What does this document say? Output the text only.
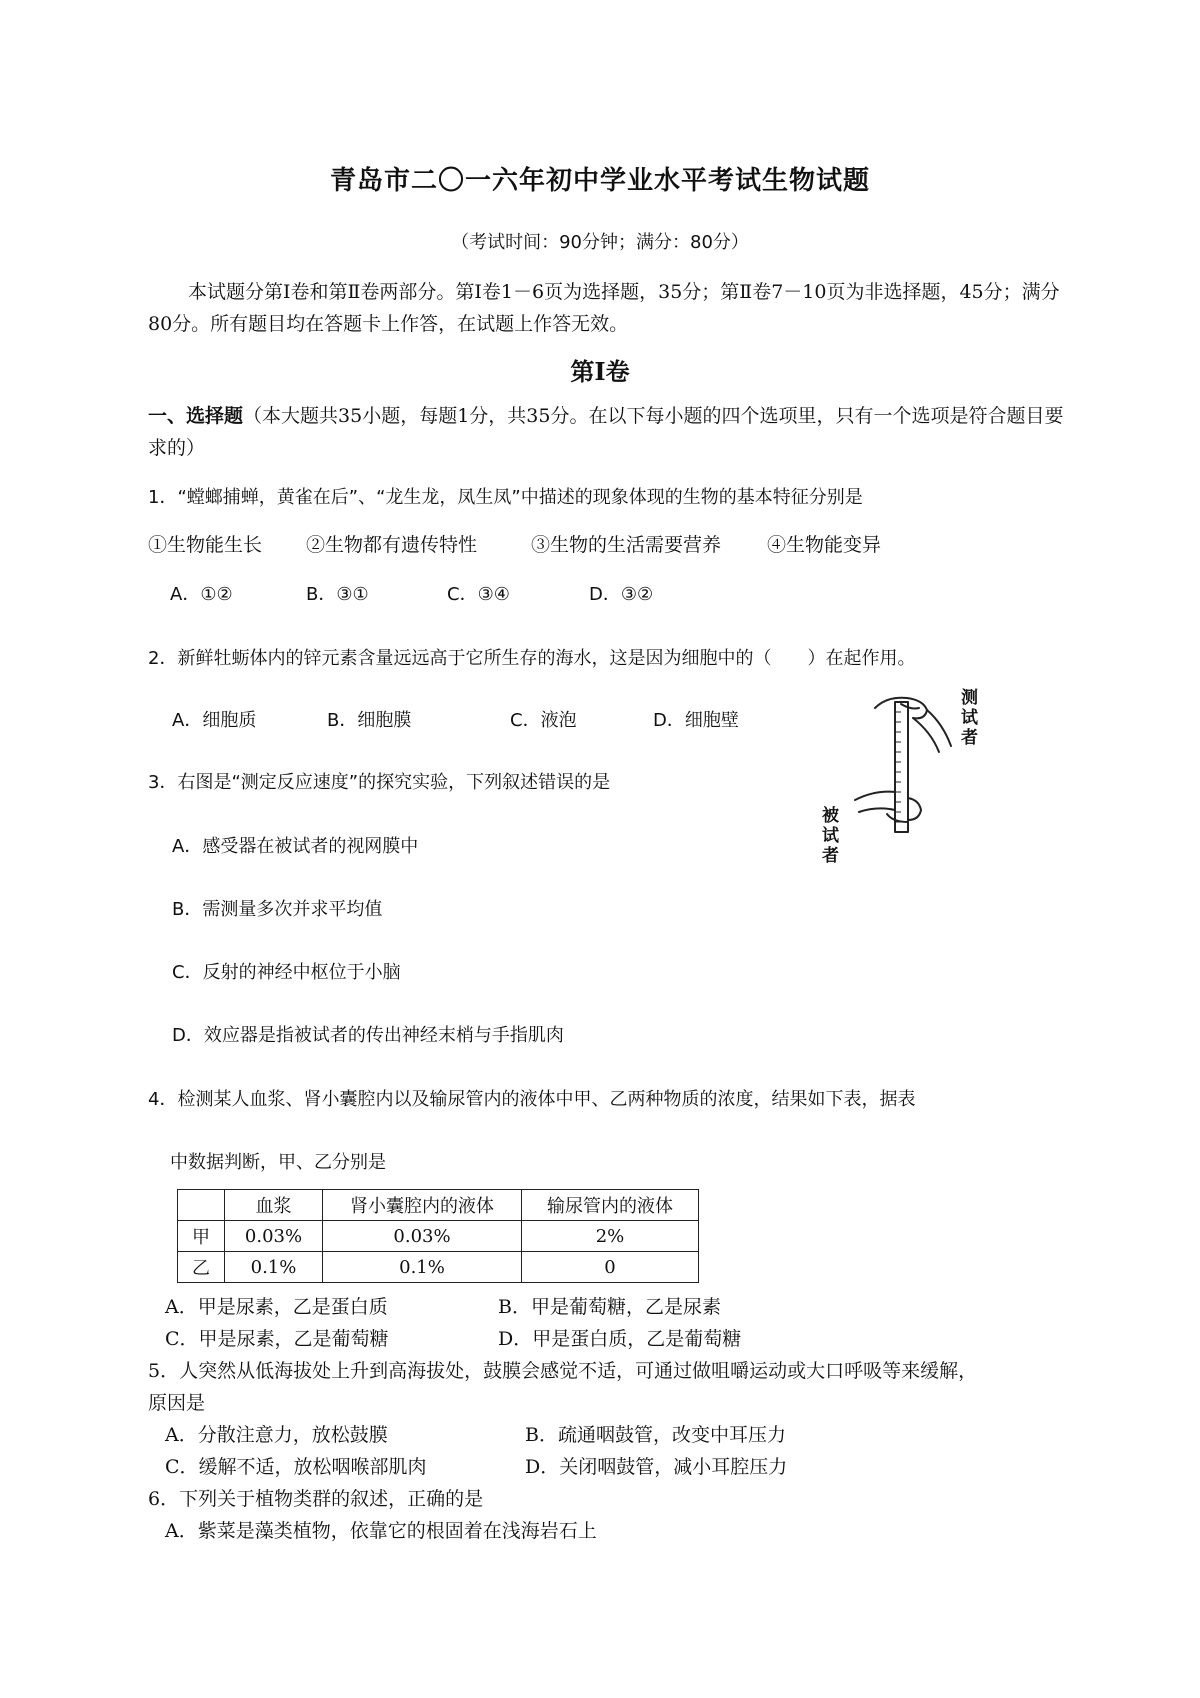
青岛市二〇一六年初中学业水平考试生物试题
（考试时间：90分钟；满分：80分）
本试题分第Ⅰ卷和第Ⅱ卷两部分。第Ⅰ卷1－6页为选择题，35分；第Ⅱ卷7－10页为非选择题，45分；满分80分。所有题目均在答题卡上作答，在试题上作答无效。
第Ⅰ卷
一、选择题（本大题共35小题，每题1分，共35分。在以下每小题的四个选项里，只有一个选项是符合题目要求的）
1．“螳螂捕蝉，黄雀在后”、“龙生龙，凤生凤”中描述的现象体现的生物的基本特征分别是
①生物能生长 ②生物都有遗传特性	③生物的生活需要营养 ④生物能变异
A．①②	B．③①	C．③④	D．③②
2．新鲜牡蛎体内的锌元素含量远远高于它所生存的海水，这是因为细胞中的（　　）在起作用。
A．细胞质	B．细胞膜	C．液泡	D．细胞壁
测试者
被试者
3．右图是“测定反应速度”的探究实验，下列叙述错误的是
A．感受器在被试者的视网膜中
B．需测量多次并求平均值
C．反射的神经中枢位于小脑
D．效应器是指被试者的传出神经末梢与手指肌肉
4．检测某人血浆、肾小囊腔内以及输尿管内的液体中甲、乙两种物质的浓度，结果如下表，据表
中数据判断，甲、乙分别是
	血浆	肾小囊腔内的液体	输尿管内的液体
甲	0.03%	0.03%	2%
乙	0.1%	0.1%	0
A．甲是尿素，乙是蛋白质	B．甲是葡萄糖，乙是尿素
C．甲是尿素，乙是葡萄糖	D．甲是蛋白质，乙是葡萄糖
5．人突然从低海拔处上升到高海拔处，鼓膜会感觉不适，可通过做咀嚼运动或大口呼吸等来缓解，
原因是
A．分散注意力，放松鼓膜	B．疏通咽鼓管，改变中耳压力
C．缓解不适，放松咽喉部肌肉	D．关闭咽鼓管，减小耳腔压力
6．下列关于植物类群的叙述，正确的是
A．紫菜是藻类植物，依靠它的根固着在浅海岩石上
